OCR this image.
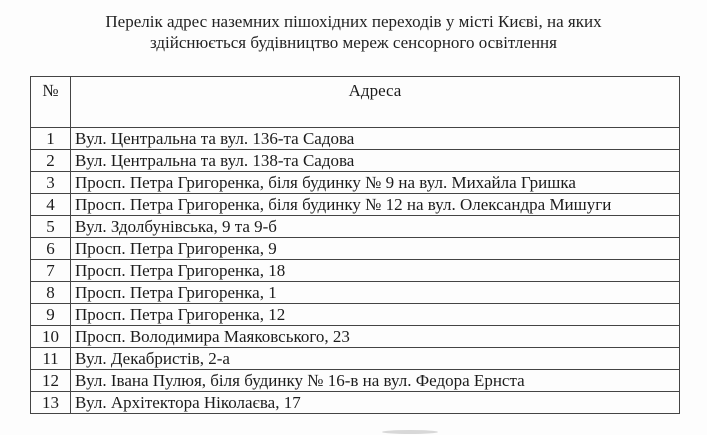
Перелік адрес наземних пішохідних переходів у місті Києві, на яких
здійснюється будівництво мереж сенсорного освітлення
№	Адреса
1	Вул. Центральна та вул. 136-та Садова
2	Вул. Центральна та вул. 138-та Садова
3	Просп. Петра Григоренка, біля будинку № 9 на вул. Михайла Гришка
4	Просп. Петра Григоренка, біля будинку № 12 на вул. Олександра Мишуги
5	Вул. Здолбунівська, 9 та 9-б
6	Просп. Петра Григоренка, 9
7	Просп. Петра Григоренка, 18
8	Просп. Петра Григоренка, 1
9	Просп. Петра Григоренка, 12
10	Просп. Володимира Маяковського, 23
11	Вул. Декабристів, 2-а
12	Вул. Івана Пулюя, біля будинку № 16-в на вул. Федора Ернста
13	Вул. Архітектора Ніколаєва, 17
